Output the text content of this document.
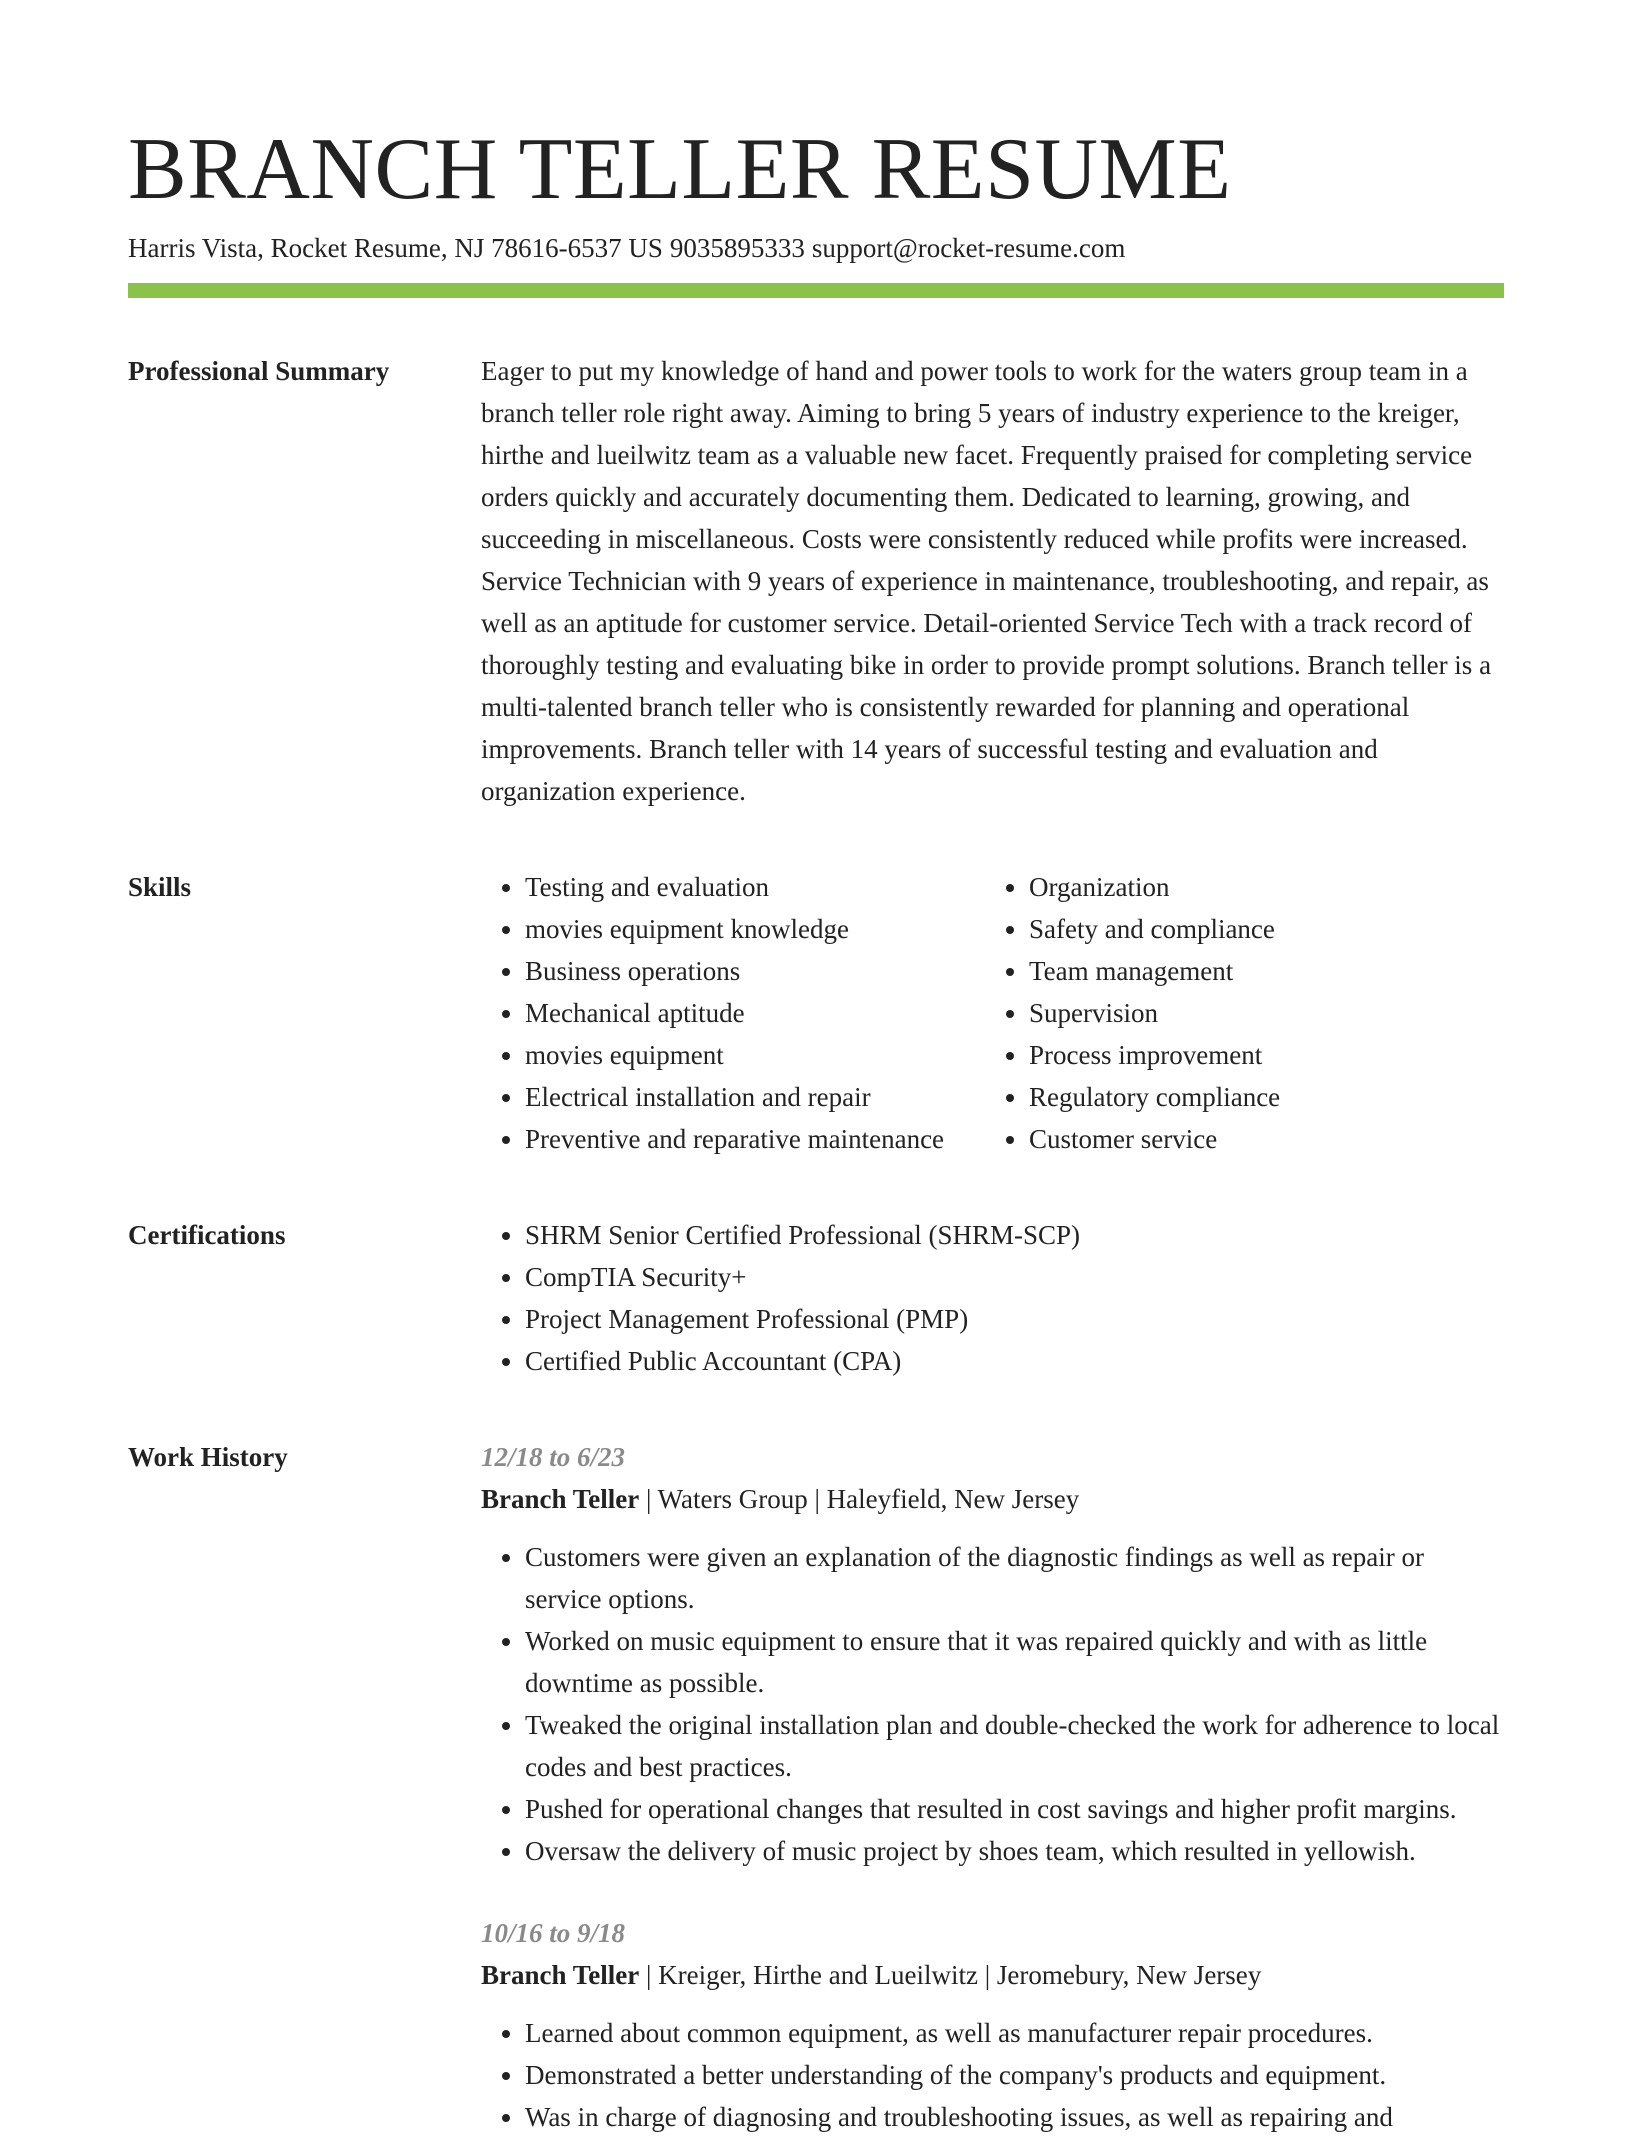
BRANCH TELLER RESUME
Harris Vista, Rocket Resume, NJ 78616-6537 US 9035895333 support@rocket-resume.com
Professional Summary	Eager to put my knowledge of hand and power tools to work for the waters group team in a branch teller role right away. Aiming to bring 5 years of industry experience to the kreiger, hirthe and lueilwitz team as a valuable new facet. Frequently praised for completing service orders quickly and accurately documenting them. Dedicated to learning, growing, and succeeding in miscellaneous. Costs were consistently reduced while profits were increased. Service Technician with 9 years of experience in maintenance, troubleshooting, and repair, as well as an aptitude for customer service. Detail-oriented Service Tech with a track record of thoroughly testing and evaluating bike in order to provide prompt solutions. Branch teller is a multi-talented branch teller who is consistently rewarded for planning and operational improvements. Branch teller with 14 years of successful testing and evaluation and organization experience.

Skills	• Testing and evaluation
• movies equipment knowledge
• Business operations
• Mechanical aptitude
• movies equipment
• Electrical installation and repair
• Preventive and reparative maintenance
• Organization
• Safety and compliance
• Team management
• Supervision
• Process improvement
• Regulatory compliance
• Customer service
Certifications	• SHRM Senior Certified Professional (SHRM-SCP)
• CompTIA Security+
• Project Management Professional (PMP)
• Certified Public Accountant (CPA)
Work History	12/18 to 6/23
Branch Teller | Waters Group | Haleyfield, New Jersey
• Customers were given an explanation of the diagnostic findings as well as repair or service options.
• Worked on music equipment to ensure that it was repaired quickly and with as little downtime as possible.
• Tweaked the original installation plan and double-checked the work for adherence to local codes and best practices.
• Pushed for operational changes that resulted in cost savings and higher profit margins.
• Oversaw the delivery of music project by shoes team, which resulted in yellowish.
10/16 to 9/18
Branch Teller | Kreiger, Hirthe and Lueilwitz | Jeromebury, New Jersey
• Learned about common equipment, as well as manufacturer repair procedures.
• Demonstrated a better understanding of the company's products and equipment.
• Was in charge of diagnosing and troubleshooting issues, as well as repairing and
